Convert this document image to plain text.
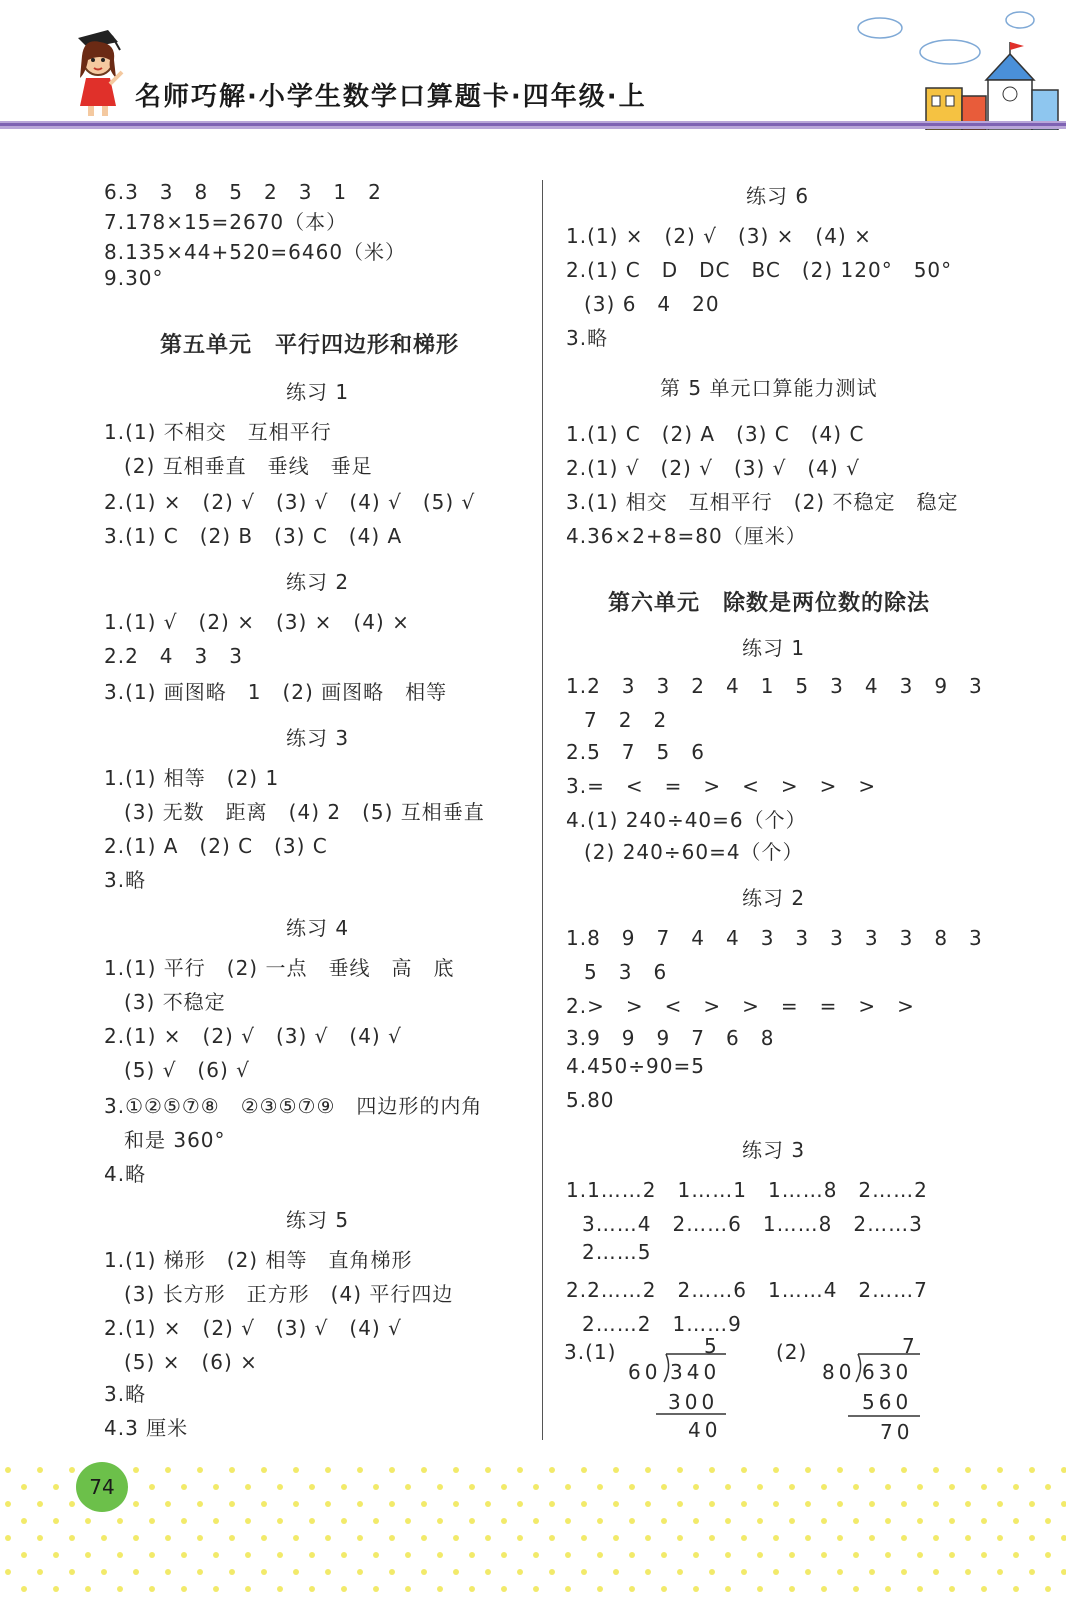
名师巧解·小学生数学口算题卡·四年级·上
6.3　3　8　5　2　3　1　2
7.178×15=2670（本）
8.135×44+520=6460（米）
9.30°
第五单元　平行四边形和梯形
练习 1
1.(1) 不相交　互相平行
(2) 互相垂直　垂线　垂足
2.(1) ×　(2) √　(3) √　(4) √　(5) √
3.(1) C　(2) B　(3) C　(4) A
练习 2
1.(1) √　(2) ×　(3) ×　(4) ×
2.2　4　3　3
3.(1) 画图略　1　(2) 画图略　相等
练习 3
1.(1) 相等　(2) 1
(3) 无数　距离　(4) 2　(5) 互相垂直
2.(1) A　(2) C　(3) C
3.略
练习 4
1.(1) 平行　(2) 一点　垂线　高　底
(3) 不稳定
2.(1) ×　(2) √　(3) √　(4) √
(5) √　(6) √
3.①②⑤⑦⑧　②③⑤⑦⑨　四边形的内角
和是 360°
4.略
练习 5
1.(1) 梯形　(2) 相等　直角梯形
(3) 长方形　正方形　(4) 平行四边
2.(1) ×　(2) √　(3) √　(4) √
(5) ×　(6) ×
3.略
4.3 厘米
练习 6
1.(1) ×　(2) √　(3) ×　(4) ×
2.(1) C　D　DC　BC　(2) 120°　50°
(3) 6　4　20
3.略
第 5 单元口算能力测试
1.(1) C　(2) A　(3) C　(4) C
2.(1) √　(2) √　(3) √　(4) √
3.(1) 相交　互相平行　(2) 不稳定　稳定
4.36×2+8=80（厘米）
第六单元　除数是两位数的除法
练习 1
1.2　3　3　2　4　1　5　3　4　3　9　3
7　2　2
2.5　7　5　6
3.=　<　=　>　<　>　>　>
4.(1) 240÷40=6（个）
(2) 240÷60=4（个）
练习 2
1.8　9　7　4　4　3　3　3　3　3　8　3
5　3　6
2.>　>　<　>　>　=　=　>　>
3.9　9　9　7　6　8
4.450÷90=5
5.80
练习 3
1.1……2　1……1　1……8　2……2
3……4　2……6　1……8　2……3
2……5
2.2……2　2……6　1……4　2……7
2……2　1……9
3.(1)	5
60 340
300
40
(2)	7
80 630
560
70
74
